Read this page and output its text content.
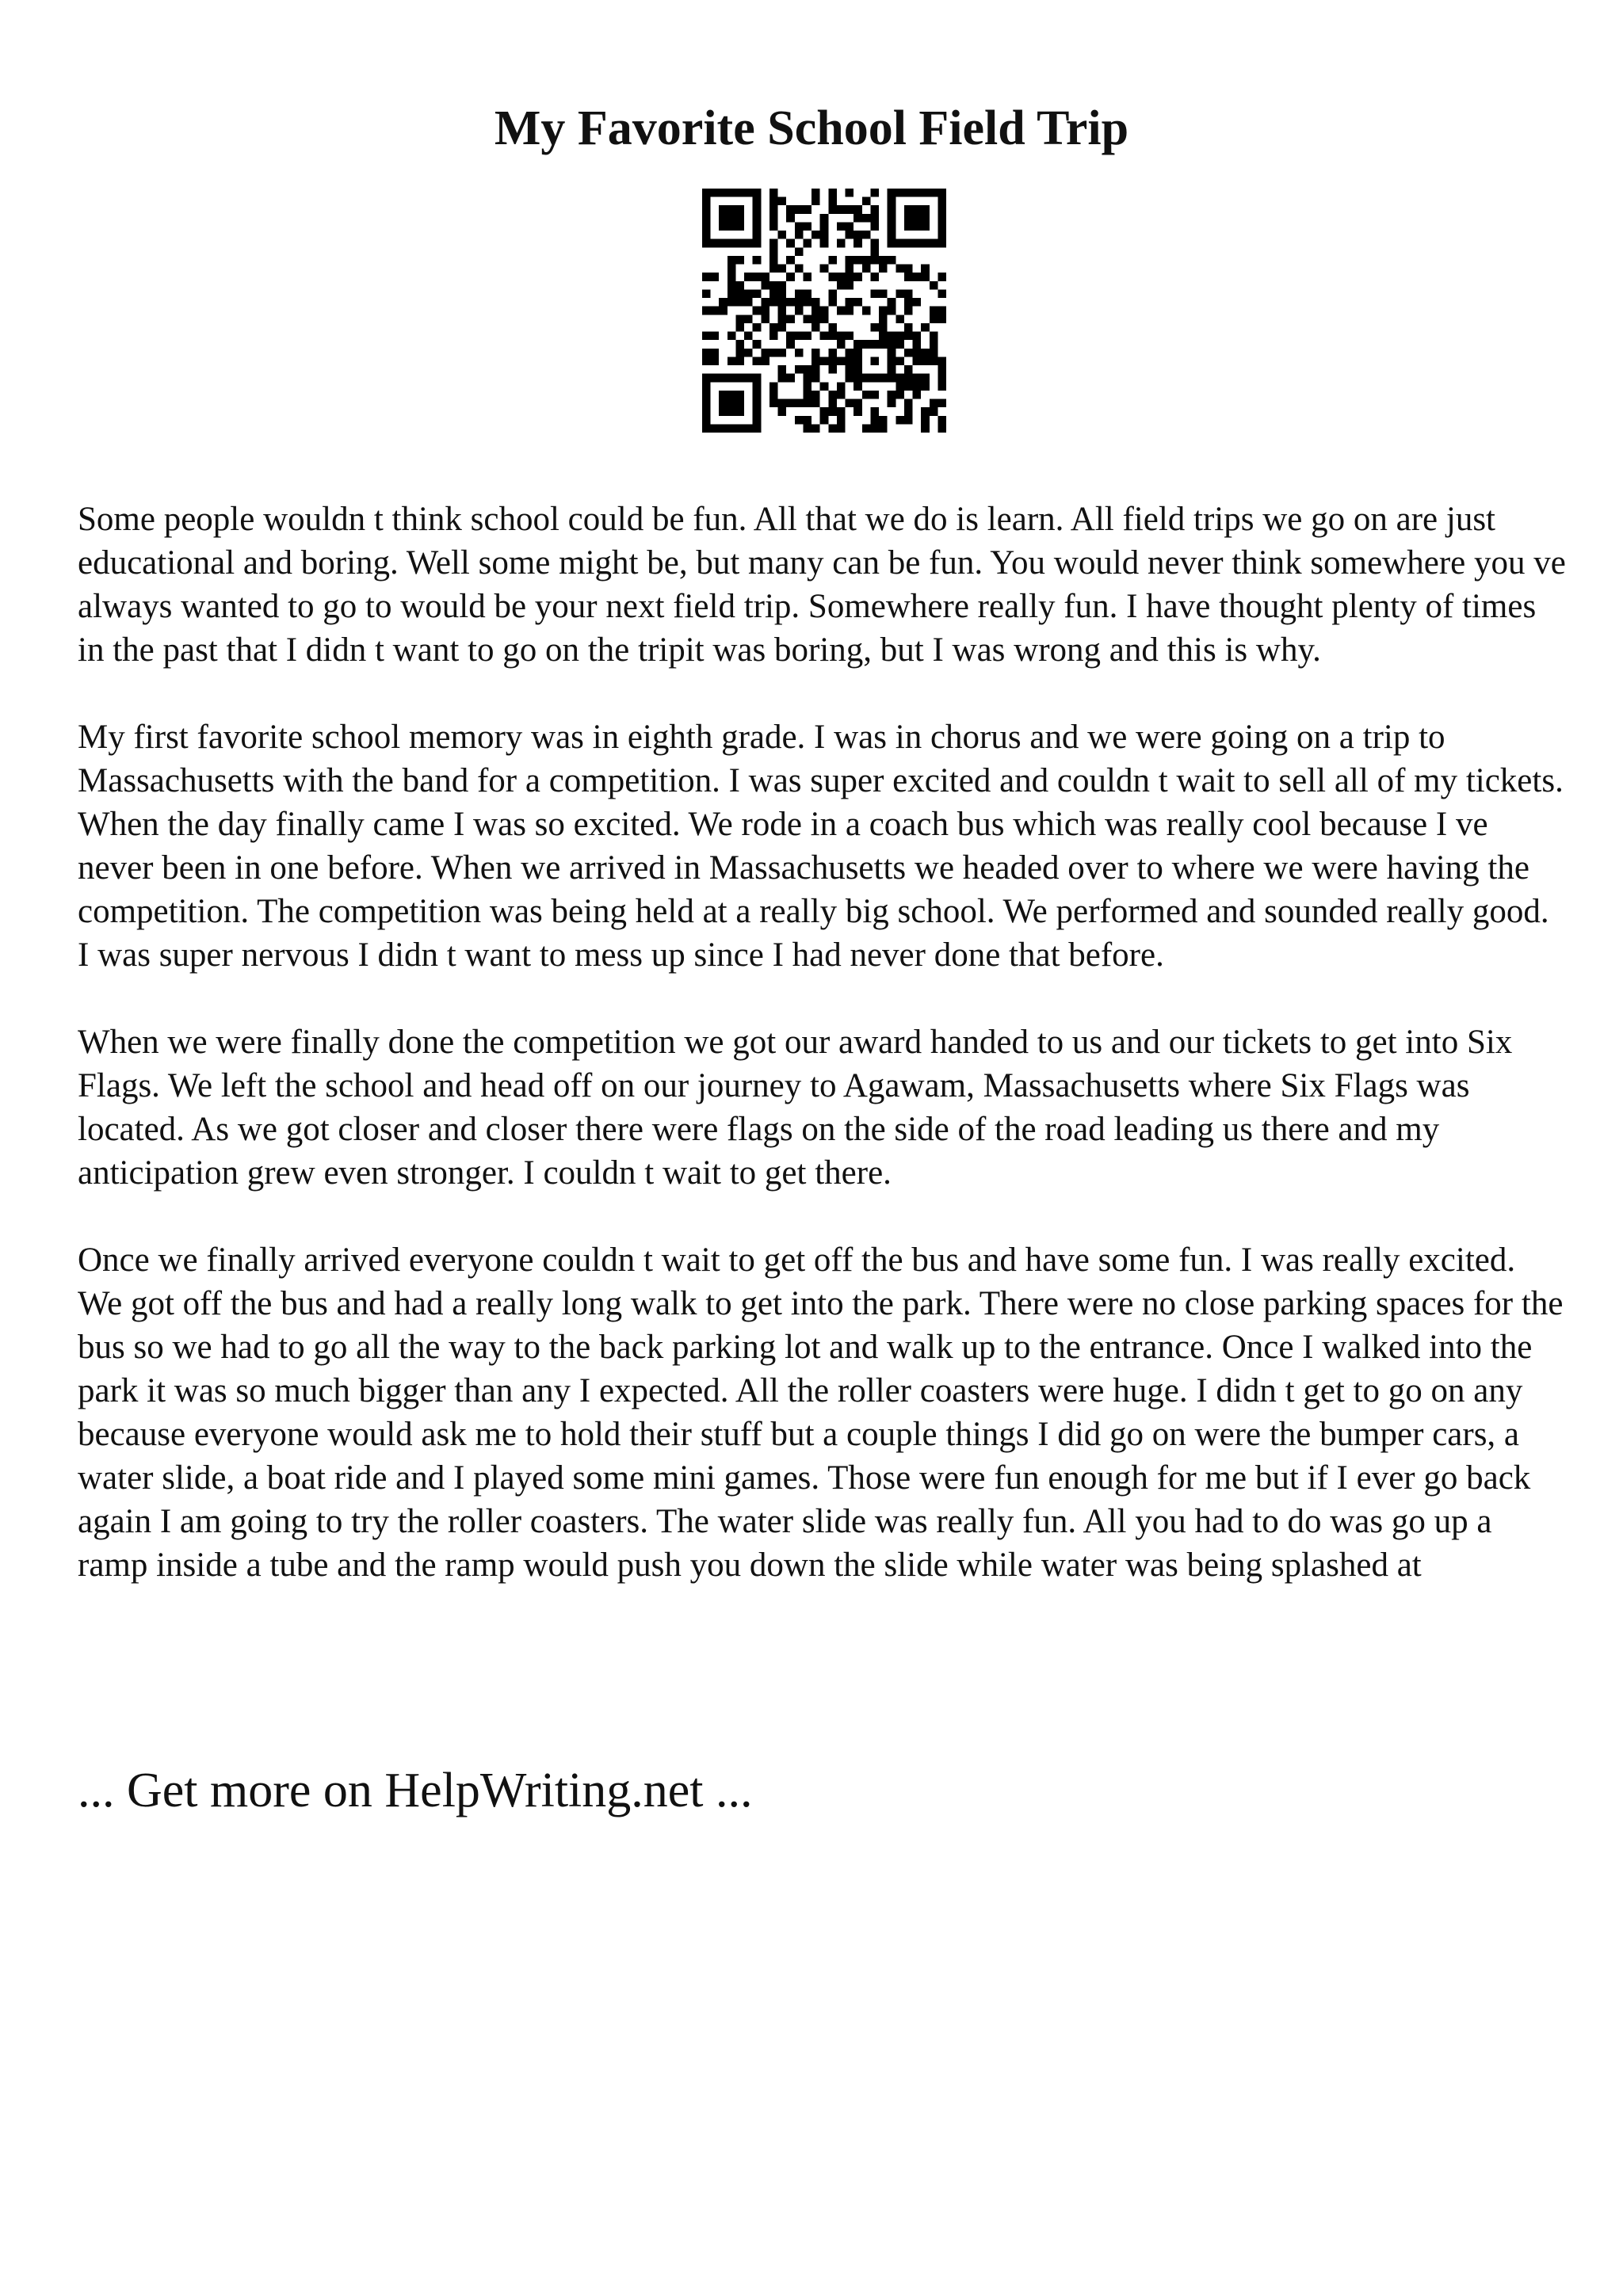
My Favorite School Field Trip

Some people wouldn t think school could be fun. All that we do is learn. All field trips we go on are just educational and boring. Well some might be, but many can be fun. You would never think somewhere you ve always wanted to go to would be your next field trip. Somewhere really fun. I have thought plenty of times in the past that I didn t want to go on the tripit was boring, but I was wrong and this is why.

My first favorite school memory was in eighth grade. I was in chorus and we were going on a trip to Massachusetts with the band for a competition. I was super excited and couldn t wait to sell all of my tickets. When the day finally came I was so excited. We rode in a coach bus which was really cool because I ve never been in one before. When we arrived in Massachusetts we headed over to where we were having the competition. The competition was being held at a really big school. We performed and sounded really good. I was super nervous I didn t want to mess up since I had never done that before.

When we were finally done the competition we got our award handed to us and our tickets to get into Six Flags. We left the school and head off on our journey to Agawam, Massachusetts where Six Flags was located. As we got closer and closer there were flags on the side of the road leading us there and my anticipation grew even stronger. I couldn t wait to get there.

Once we finally arrived everyone couldn t wait to get off the bus and have some fun. I was really excited. We got off the bus and had a really long walk to get into the park. There were no close parking spaces for the bus so we had to go all the way to the back parking lot and walk up to the entrance. Once I walked into the park it was so much bigger than any I expected. All the roller coasters were huge. I didn t get to go on any because everyone would ask me to hold their stuff but a couple things I did go on were the bumper cars, a water slide, a boat ride and I played some mini games. Those were fun enough for me but if I ever go back again I am going to try the roller coasters. The water slide was really fun. All you had to do was go up a ramp inside a tube and the ramp would push you down the slide while water was being splashed at

... Get more on HelpWriting.net ...
